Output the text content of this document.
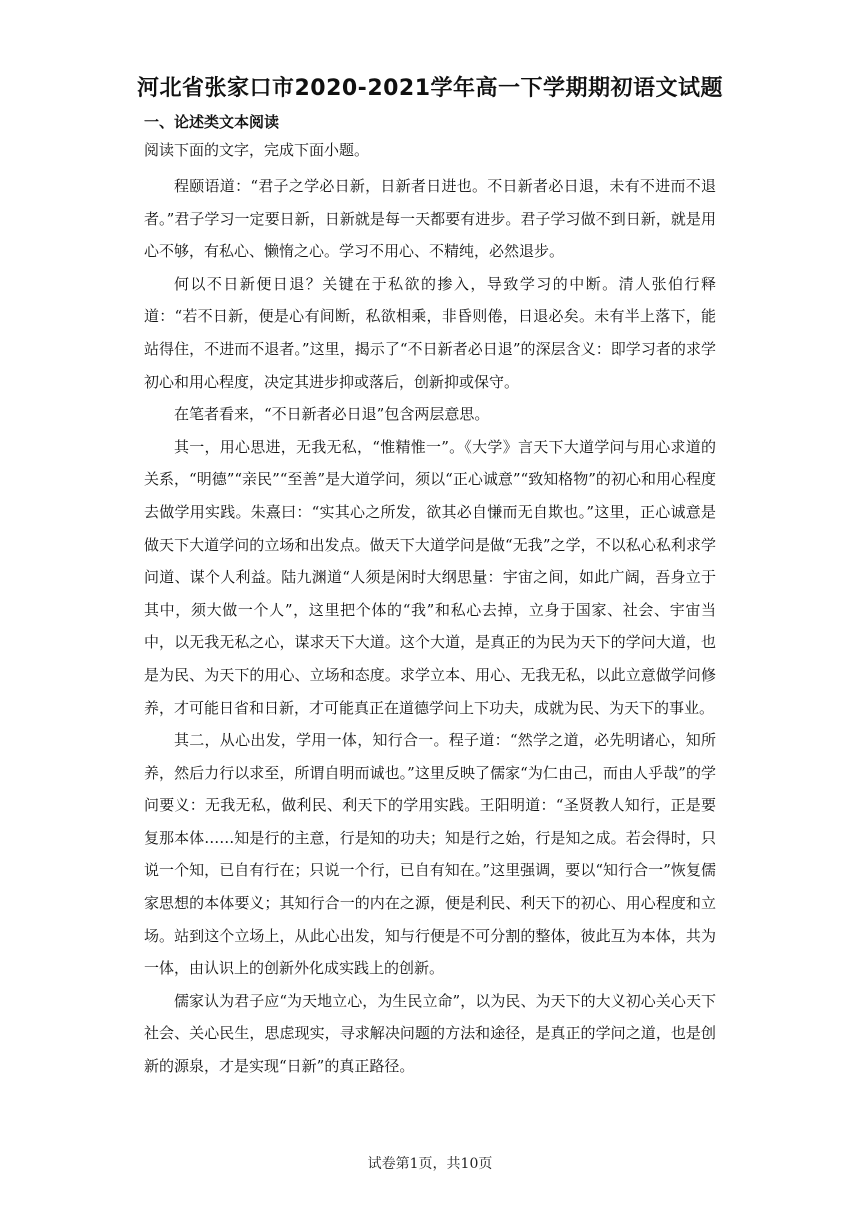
河北省张家口市2020-2021学年高一下学期期初语文试题
一、论述类文本阅读
阅读下面的文字，完成下面小题。

程颐语道：“君子之学必日新，日新者日进也。不日新者必日退，未有不进而不退者。”君子学习一定要日新，日新就是每一天都要有进步。君子学习做不到日新，就是用心不够，有私心、懒惰之心。学习不用心、不精纯，必然退步。

何以不日新便日退？关键在于私欲的掺入，导致学习的中断。清人张伯行释道：“若不日新，便是心有间断，私欲相乘，非昏则倦，日退必矣。未有半上落下，能站得住，不进而不退者。”这里，揭示了“不日新者必日退”的深层含义：即学习者的求学初心和用心程度，决定其进步抑或落后，创新抑或保守。

在笔者看来，“不日新者必日退”包含两层意思。

其一，用心思进，无我无私，“惟精惟一”。《大学》言天下大道学问与用心求道的关系，“明德”“亲民”“至善”是大道学问，须以“正心诚意”“致知格物”的初心和用心程度去做学用实践。朱熹曰：“实其心之所发，欲其必自慊而无自欺也。”这里，正心诚意是做天下大道学问的立场和出发点。做天下大道学问是做“无我”之学，不以私心私利求学问道、谋个人利益。陆九渊道“人须是闲时大纲思量：宇宙之间，如此广阔，吾身立于其中，须大做一个人”，这里把个体的“我”和私心去掉，立身于国家、社会、宇宙当中，以无我无私之心，谋求天下大道。这个大道，是真正的为民为天下的学问大道，也是为民、为天下的用心、立场和态度。求学立本、用心、无我无私，以此立意做学问修养，才可能日省和日新，才可能真正在道德学问上下功夫，成就为民、为天下的事业。

其二，从心出发，学用一体，知行合一。程子道：“然学之道，必先明诸心，知所养，然后力行以求至，所谓自明而诚也。”这里反映了儒家“为仁由己，而由人乎哉”的学问要义：无我无私，做利民、利天下的学用实践。王阳明道：“圣贤教人知行，正是要复那本体……知是行的主意，行是知的功夫；知是行之始，行是知之成。若会得时，只说一个知，已自有行在；只说一个行，已自有知在。”这里强调，要以“知行合一”恢复儒家思想的本体要义；其知行合一的内在之源，便是利民、利天下的初心、用心程度和立场。站到这个立场上，从此心出发，知与行便是不可分割的整体，彼此互为本体，共为一体，由认识上的创新外化成实践上的创新。

儒家认为君子应“为天地立心，为生民立命”，以为民、为天下的大义初心关心天下社会、关心民生，思虑现实，寻求解决问题的方法和途径，是真正的学问之道，也是创新的源泉，才是实现“日新”的真正路径。

试卷第1页，共10页
